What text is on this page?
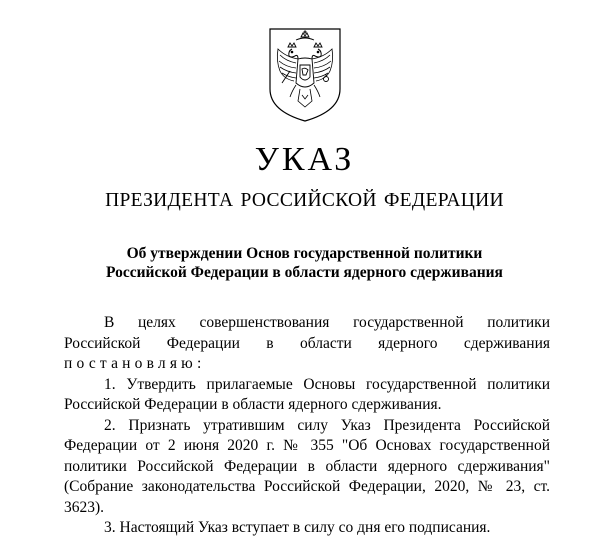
УКАЗ
ПРЕЗИДЕНТА РОССИЙСКОЙ ФЕДЕРАЦИИ
Об утверждении Основ государственной политики
Российской Федерации в области ядерного сдерживания

В целях совершенствования государственной политики Российской Федерации в области ядерного сдерживания постановляю:

1. Утвердить прилагаемые Основы государственной политики Российской Федерации в области ядерного сдерживания.

2. Признать утратившим силу Указ Президента Российской Федерации от 2 июня 2020 г. № 355 "Об Основах государственной политики Российской Федерации в области ядерного сдерживания" (Собрание законодательства Российской Федерации, 2020, № 23, ст. 3623).

3. Настоящий Указ вступает в силу со дня его подписания.
